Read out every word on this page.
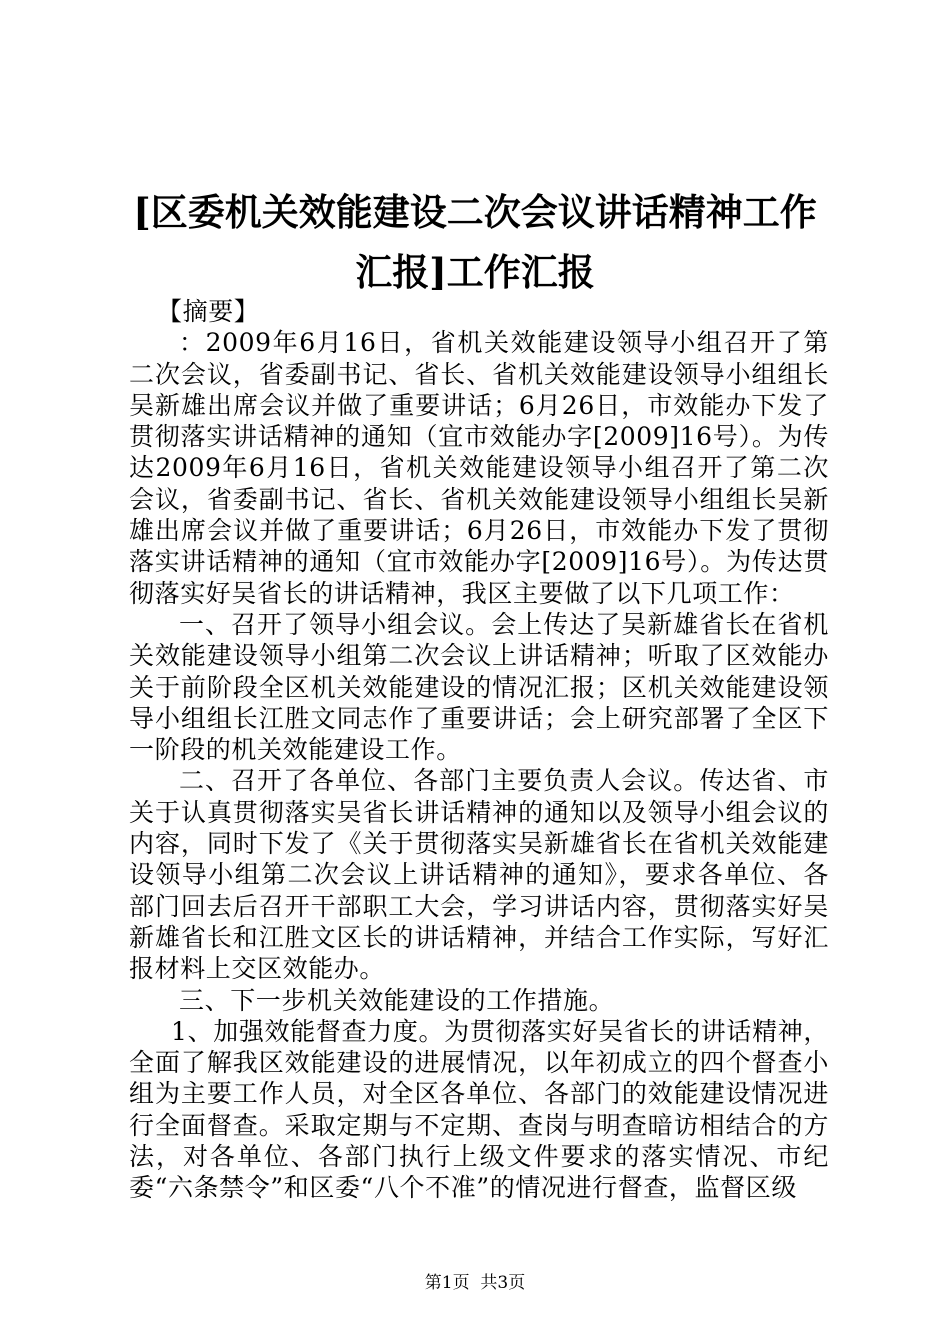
[区委机关效能建设二次会议讲话精神工作汇报]工作汇报

【摘要】

：2009年6月16日，省机关效能建设领导小组召开了第二次会议，省委副书记、省长、省机关效能建设领导小组组长吴新雄出席会议并做了重要讲话；6月26日，市效能办下发了贯彻落实讲话精神的通知（宜市效能办字[2009]16号）。为传达2009年6月16日，省机关效能建设领导小组召开了第二次会议，省委副书记、省长、省机关效能建设领导小组组长吴新雄出席会议并做了重要讲话；6月26日，市效能办下发了贯彻落实讲话精神的通知（宜市效能办字[2009]16号）。为传达贯彻落实好吴省长的讲话精神，我区主要做了以下几项工作：

一、召开了领导小组会议。会上传达了吴新雄省长在省机关效能建设领导小组第二次会议上讲话精神；听取了区效能办关于前阶段全区机关效能建设的情况汇报；区机关效能建设领导小组组长江胜文同志作了重要讲话；会上研究部署了全区下一阶段的机关效能建设工作。

二、召开了各单位、各部门主要负责人会议。传达省、市关于认真贯彻落实吴省长讲话精神的通知以及领导小组会议的内容，同时下发了《关于贯彻落实吴新雄省长在省机关效能建设领导小组第二次会议上讲话精神的通知》，要求各单位、各部门回去后召开干部职工大会，学习讲话内容，贯彻落实好吴新雄省长和江胜文区长的讲话精神，并结合工作实际，写好汇报材料上交区效能办。

三、下一步机关效能建设的工作措施。

1、加强效能督查力度。为贯彻落实好吴省长的讲话精神，全面了解我区效能建设的进展情况，以年初成立的四个督查小组为主要工作人员，对全区各单位、各部门的效能建设情况进行全面督查。采取定期与不定期、查岗与明查暗访相结合的方法，对各单位、各部门执行上级文件要求的落实情况、市纪委“六条禁令”和区委“八个不准”的情况进行督查，监督区级

第1页  共3页
